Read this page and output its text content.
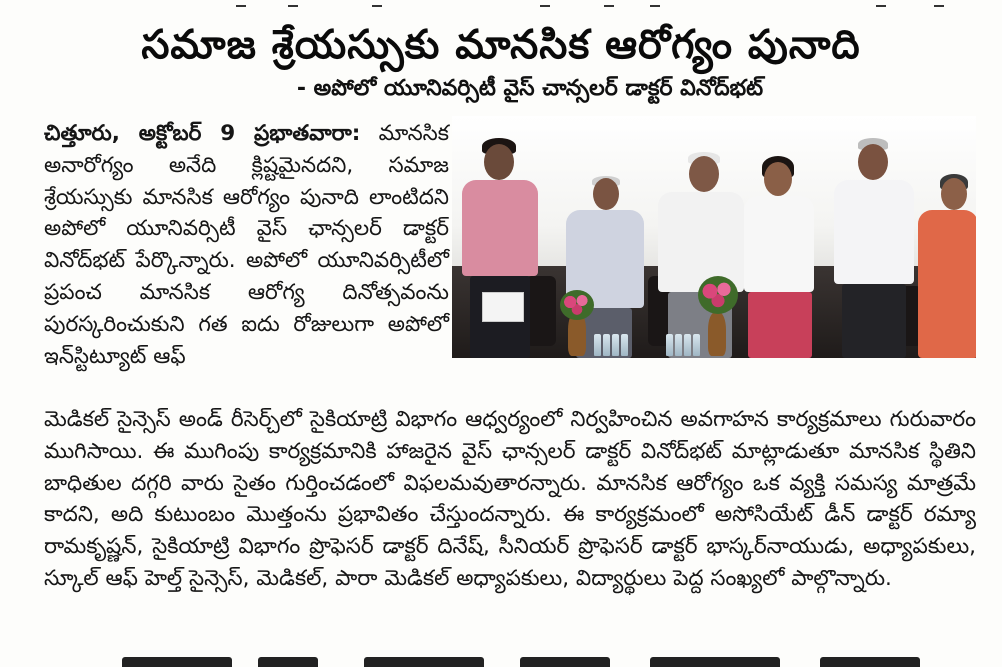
సమాజ శ్రేయస్సుకు మానసిక ఆరోగ్యం పునాది
- అపోలో యూనివర్సిటీ వైస్ చాన్సలర్ డాక్టర్ వినోద్‌భట్
చిత్తూరు, అక్టోబర్ 9 ప్రభాతవారా: మానసిక అనారోగ్యం అనేది క్లిష్టమైనదని, సమాజ శ్రేయస్సుకు మానసిక ఆరోగ్యం పునాది లాంటిదని అపోలో యూనివర్సిటీ వైస్ ఛాన్సలర్ డాక్టర్ వినోద్‌భట్ పేర్కొన్నారు. అపోలో యూనివర్సిటీలో ప్రపంచ మానసిక ఆరోగ్య దినోత్సవంను పురస్కరించుకుని గత ఐదు రోజులుగా అపోలో ఇన్‌స్టిట్యూట్ ఆఫ్
మెడికల్ సైన్సెస్ అండ్ రీసెర్చ్‌లో సైకియాట్రి విభాగం ఆధ్వర్యంలో నిర్వహించిన అవగాహన కార్యక్రమాలు గురువారం ముగిసాయి. ఈ ముగింపు కార్యక్రమానికి హాజరైన వైస్ ఛాన్సలర్ డాక్టర్ వినోద్‌భట్ మాట్లాడుతూ మానసిక స్థితిని బాధితుల దగ్గరి వారు సైతం గుర్తించడంలో విఫలమవుతారన్నారు. మానసిక ఆరోగ్యం ఒక వ్యక్తి సమస్య మాత్రమే కాదని, అది కుటుంబం మొత్తంను ప్రభావితం చేస్తుందన్నారు. ఈ కార్యక్రమంలో అసోసియేట్ డీన్ డాక్టర్ రమ్యా రామకృష్ణన్, సైకియాట్రి విభాగం ప్రొఫెసర్ డాక్టర్ దినేష్, సీనియర్ ప్రొఫెసర్ డాక్టర్ భాస్కర్‌నాయుడు, అధ్యాపకులు, స్కూల్ ఆఫ్ హెల్త్ సైన్సెస్, మెడికల్, పారా మెడికల్ అధ్యాపకులు, విద్యార్థులు పెద్ద సంఖ్యలో పాల్గొన్నారు.
